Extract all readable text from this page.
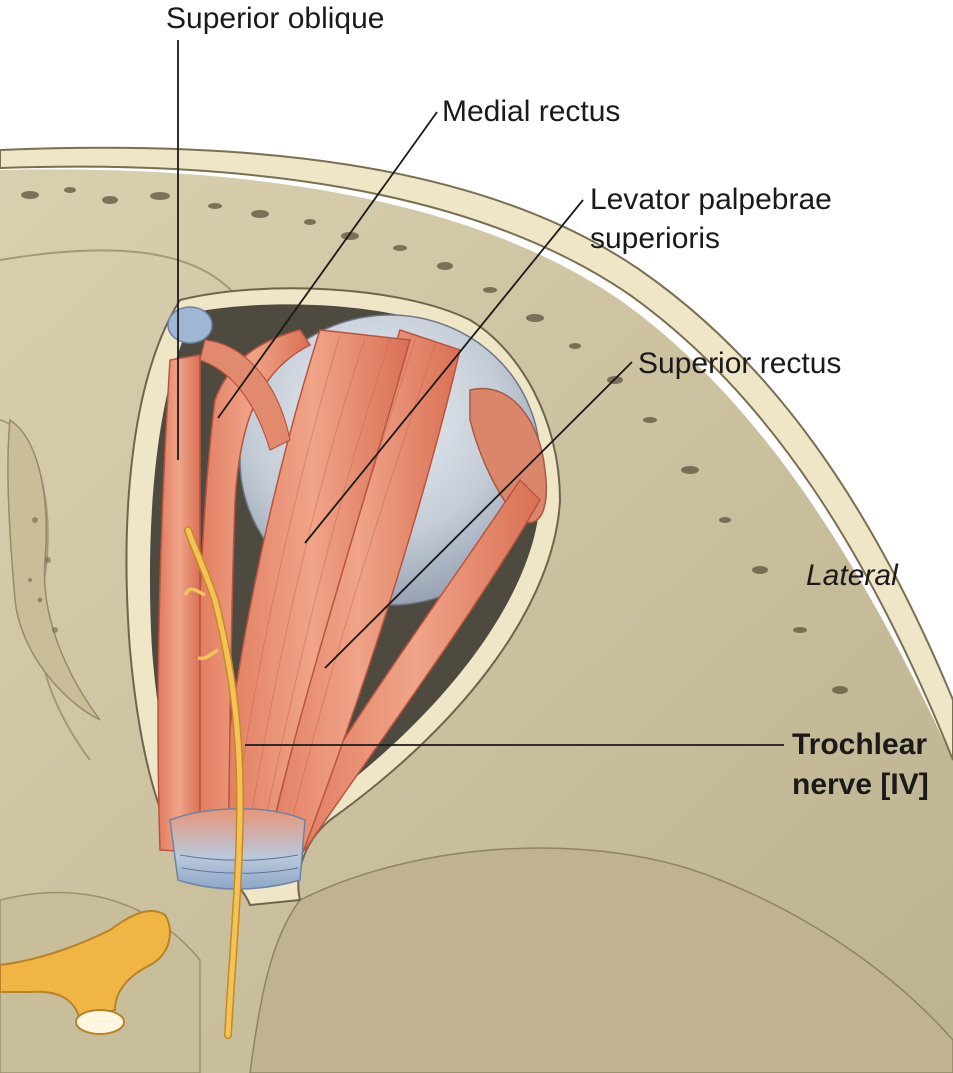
Superior oblique
Medial rectus
Levator palpebrae
superioris
Superior rectus
Lateral
Trochlear
nerve [IV]
